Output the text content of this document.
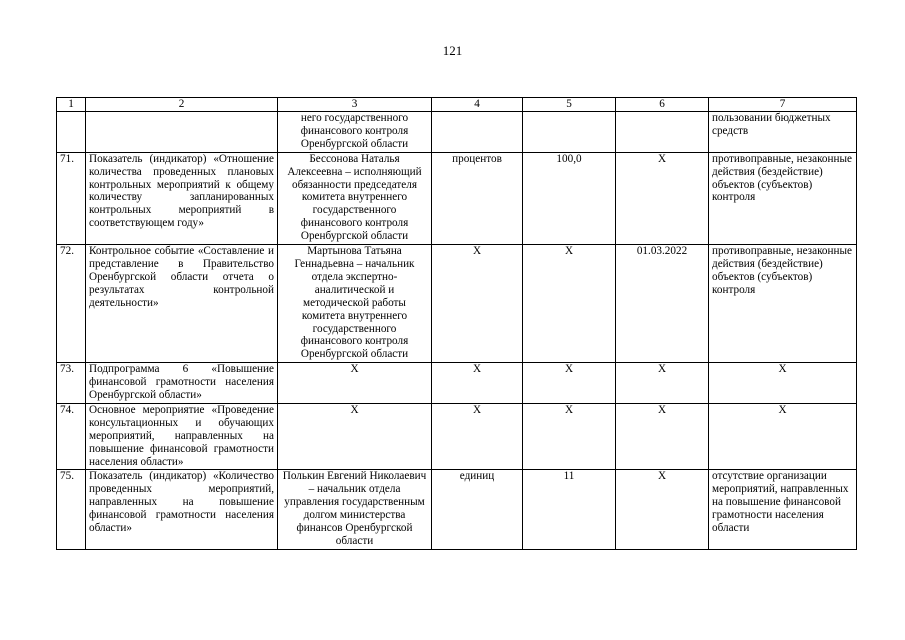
121
1	2	3	4	5	6	7
		него государственного финансового контроля Оренбургской области				пользовании бюджетных средств
71.	Показатель (индикатор) «Отношение количества проведенных плановых контрольных мероприятий к общему количеству запланированных контрольных мероприятий в соответствующем году»	Бессонова Наталья Алексеевна – исполняющий обязанности председателя комитета внутреннего государственного финансового контроля Оренбургской области	процентов	100,0	X	противоправные, незаконные действия (бездействие) объектов (субъектов) контроля
72.	Контрольное событие «Составление и представление в Правительство Оренбургской области отчета о результатах контрольной деятельности»	Мартынова Татьяна Геннадьевна – начальник отдела экспертно-аналитической и методической работы комитета внутреннего государственного финансового контроля Оренбургской области	X	X	01.03.2022	противоправные, незаконные действия (бездействие) объектов (субъектов) контроля
73.	Подпрограмма 6 «Повышение финансовой грамотности населения Оренбургской области»	X	X	X	X	X
74.	Основное мероприятие «Проведение консультационных и обучающих мероприятий, направленных на повышение финансовой грамотности населения области»	X	X	X	X	X
75.	Показатель (индикатор) «Количество проведенных мероприятий, направленных на повышение финансовой грамотности населения области»	Полькин Евгений Николаевич – начальник отдела управления государственным долгом министерства финансов Оренбургской области	единиц	11	X	отсутствие организации мероприятий, направленных на повышение финансовой грамотности населения области
